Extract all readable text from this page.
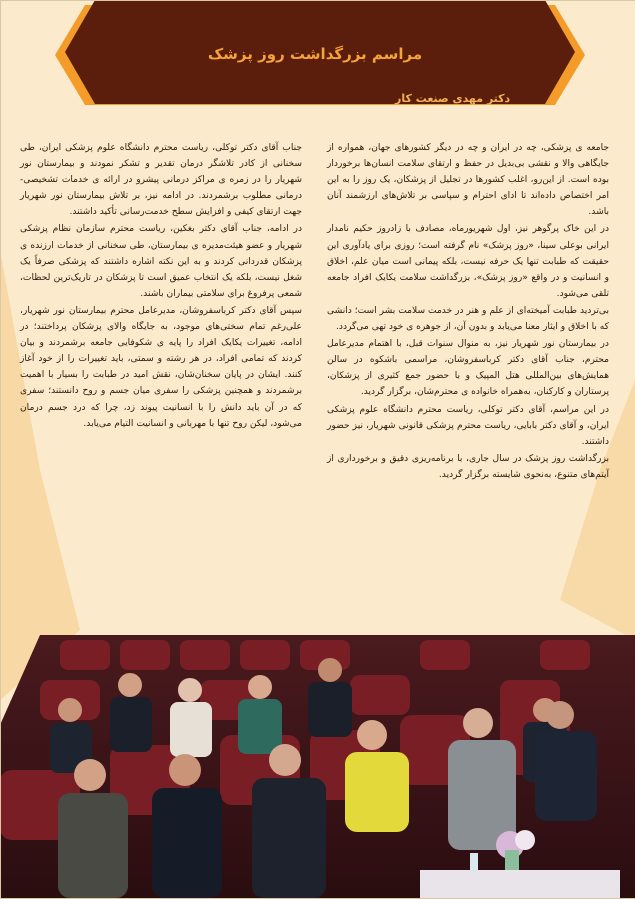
مراسم بزرگداشت روز پزشک
دکتر مهدی صنعت کار

جامعه ی پزشکی، چه در ایران و چه در دیگر کشورهای جهان، همواره از جایگاهی والا و نقشی بی‌بدیل در حفظ و ارتقای سلامت انسان‌ها برخوردار بوده است. از این‌رو، اغلب کشورها در تجلیل از پزشکان، یک روز را به این امر اختصاص داده‌اند تا ادای احترام و سپاسی بر تلاش‌های ارزشمند آنان باشد.

در این خاک پرگوهر نیز، اول شهریورماه، مصادف با زادروز حکیم نامدار ایرانی بوعلی سینا، «روز پزشک» نام گرفته است؛ روزی برای یادآوری این حقیقت که طبابت تنها یک حرفه نیست، بلکه پیمانی است میان علم، اخلاق و انسانیت و در واقع «روز پزشک»، بزرگداشت سلامت یکایک افراد جامعه تلقی می‌شود.

بی‌تردید طبابت آمیخته‌ای از علم و هنر در خدمت سلامت بشر است؛ دانشی که با اخلاق و ایثار معنا می‌یابد و بدون آن، از جوهره ی خود تهی می‌گردد.

در بیمارستان نور شهریار نیز، به منوال سنوات قبل، با اهتمام مدیرعامل محترم، جناب آقای دکتر کرباسفروشان، مراسمی باشکوه در سالن همایش‌های بین‌المللی هتل المپیک و با حضور جمع کثیری از پزشکان، پرستاران و کارکنان، به‌همراه خانواده ی محترم‌شان، برگزار گردید.

در این مراسم، آقای دکتر توکلی، ریاست محترم دانشگاه علوم پزشکی ایران، و آقای دکتر بابایی، ریاست محترم پزشکی قانونی شهریار، نیز حضور داشتند.

بزرگداشت روز پزشک در سال جاری، با برنامه‌ریزی دقیق و برخورداری از آیتم‌های متنوع، به‌نحوی شایسته برگزار گردید.

جناب آقای دکتر توکلی، ریاست محترم دانشگاه علوم پزشکی ایران، طی سخنانی از کادر تلاشگر درمان تقدیر و تشکر نمودند و بیمارستان نور شهریار را در زمره ی مراکز درمانی پیشرو در ارائه ی خدمات تشخیصی-درمانی مطلوب برشمردند. در ادامه نیز، بر تلاش بیمارستان نور شهریار جهت ارتقای کیفی و افزایش سطح خدمت‌رسانی تأکید داشتند.

در ادامه، جناب آقای دکتر بغکین، ریاست محترم سازمان نظام پزشکی شهریار و عضو هیئت‌مدیره ی بیمارستان، طی سخنانی از خدمات ارزنده ی پزشکان قدردانی کردند و به این نکته اشاره داشتند که پزشکی صرفاً یک شغل نیست، بلکه یک انتخاب عمیق است تا پزشکان در تاریک‌ترین لحظات، شمعی پرفروغ برای سلامتی بیماران باشند.

سپس آقای دکتر کرباسفروشان، مدیرعامل محترم بیمارستان نور شهریار، علی‌رغم تمام سختی‌های موجود، به جایگاه والای پزشکان پرداختند؛ در ادامه، تغییرات یکایک افراد را پایه ی شکوفایی جامعه برشمردند و بیان کردند که تمامی افراد، در هر رشته و سمتی، باید تغییرات را از خود آغاز کنند. ایشان در پایان سخنان‌شان، نقش امید در طبابت را بسیار با اهمیت برشمردند و همچنین پزشکی را سفری میان جسم و روح دانستند؛ سفری که در آن باید دانش را با انسانیت پیوند زد، چرا که درد جسم درمان می‌شود، لیکن روح تنها با مهربانی و انسانیت التیام می‌یابد.
